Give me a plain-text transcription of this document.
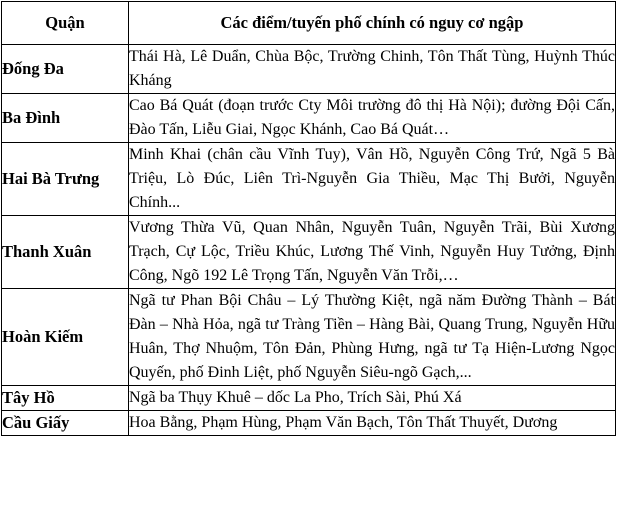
Quận	Các điểm/tuyến phố chính có nguy cơ ngập
Đống Đa	Thái Hà, Lê Duẩn, Chùa Bộc, Trường Chinh, Tôn Thất Tùng, Huỳnh Thúc Kháng
Ba Đình	Cao Bá Quát (đoạn trước Cty Môi trường đô thị Hà Nội); đường Đội Cấn, Đào Tấn, Liễu Giai, Ngọc Khánh, Cao Bá Quát…
Hai Bà Trưng	Minh Khai (chân cầu Vĩnh Tuy), Vân Hồ, Nguyễn Công Trứ, Ngã 5 Bà Triệu, Lò Đúc, Liên Trì-Nguyễn Gia Thiều, Mạc Thị Bưởi, Nguyễn Chính...
Thanh Xuân	Vương Thừa Vũ, Quan Nhân, Nguyễn Tuân, Nguyễn Trãi, Bùi Xương Trạch, Cự Lộc, Triều Khúc, Lương Thế Vinh, Nguyễn Huy Tưởng, Định Công, Ngõ 192 Lê Trọng Tấn, Nguyễn Văn Trỗi,…
Hoàn Kiếm	Ngã tư Phan Bội Châu – Lý Thường Kiệt, ngã năm Đường Thành – Bát Đàn – Nhà Hỏa, ngã tư Tràng Tiền – Hàng Bài, Quang Trung, Nguyễn Hữu Huân, Thợ Nhuộm, Tôn Đản, Phùng Hưng, ngã tư Tạ Hiện-Lương Ngọc Quyến, phố Đinh Liệt, phố Nguyễn Siêu-ngõ Gạch,...
Tây Hồ	Ngã ba Thụy Khuê – dốc La Pho, Trích Sài, Phú Xá
Cầu Giấy	Hoa Bằng, Phạm Hùng, Phạm Văn Bạch, Tôn Thất Thuyết, Dương
